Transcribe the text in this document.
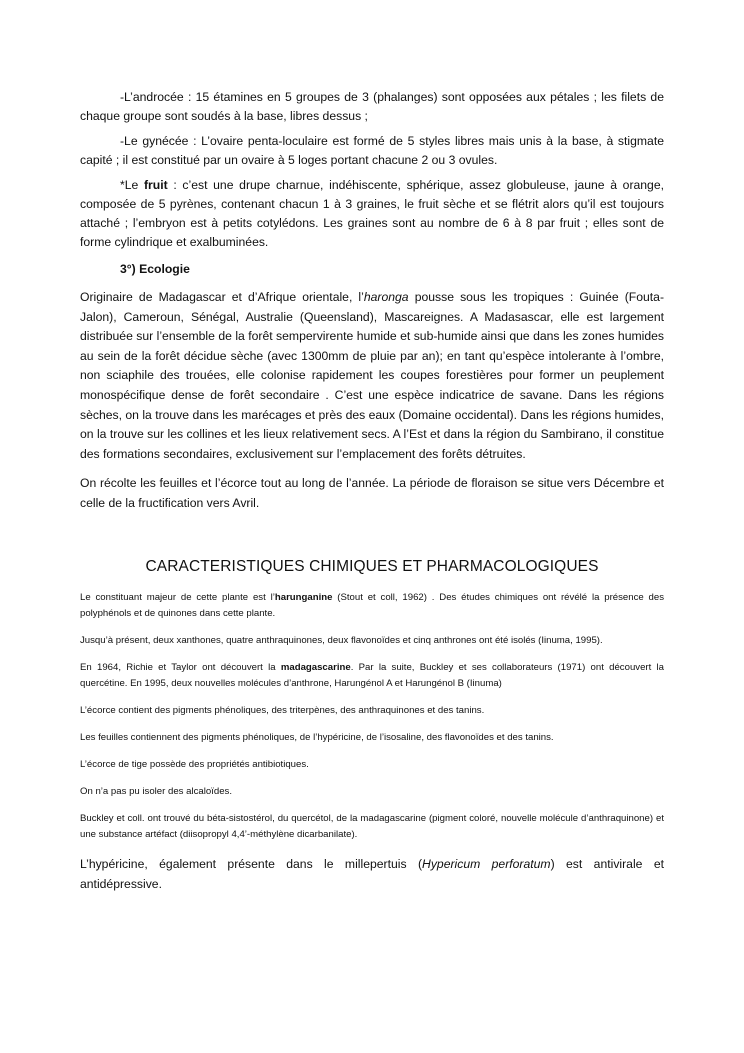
-L’androcée : 15 étamines en 5 groupes de 3 (phalanges) sont opposées aux pétales ; les filets de chaque groupe sont soudés à la base, libres dessus ;

-Le gynécée : L’ovaire penta-loculaire est formé de 5 styles libres mais unis à la base, à stigmate capité ; il est constitué par un ovaire à 5 loges portant chacune 2 ou 3 ovules.

*Le fruit : c’est une drupe charnue, indéhiscente, sphérique, assez globuleuse, jaune à orange, composée de 5 pyrènes, contenant chacun 1 à 3 graines, le fruit sèche et se flétrit alors qu’il est toujours attaché ; l’embryon est à petits cotylédons. Les graines sont au nombre de 6 à 8 par fruit ; elles sont de forme cylindrique et exalbuminées.

3°) Ecologie

Originaire de Madagascar et d’Afrique orientale, l’haronga pousse sous les tropiques : Guinée (Fouta-Jalon), Cameroun, Sénégal, Australie (Queensland), Mascareignes. A Madasascar, elle est largement distribuée sur l’ensemble de la forêt sempervirente humide et sub-humide ainsi que dans les zones humides au sein de la forêt décidue sèche (avec 1300mm de pluie par an); en tant qu’espèce intolerante à l’ombre, non sciaphile des trouées, elle colonise rapidement les coupes forestières pour former un peuplement monospécifique dense de forêt secondaire . C’est une espèce indicatrice de savane. Dans les régions sèches, on la trouve dans les marécages et près des eaux (Domaine occidental). Dans les régions humides, on la trouve sur les collines et les lieux relativement secs. A l’Est et dans la région du Sambirano, il constitue des formations secondaires, exclusivement sur l’emplacement des forêts détruites.

On récolte les feuilles et l’écorce tout au long de l’année. La période de floraison se situe vers Décembre et celle de la fructification vers Avril.

CARACTERISTIQUES CHIMIQUES ET PHARMACOLOGIQUES

Le constituant majeur de cette plante est l’harunganine (Stout et coll, 1962) . Des études chimiques ont révélé la présence des polyphénols et de quinones dans cette plante.

Jusqu’à présent, deux xanthones, quatre anthraquinones, deux flavonoïdes et cinq anthrones ont été isolés (Iinuma, 1995).

En 1964, Richie et Taylor ont découvert la madagascarine. Par la suite, Buckley et ses collaborateurs (1971) ont découvert la quercétine. En 1995, deux nouvelles molécules d’anthrone, Harungénol A et Harungénol B (Iinuma)

L’écorce contient des pigments phénoliques, des triterpènes, des anthraquinones et des tanins.

Les feuilles contiennent des pigments phénoliques, de l’hypéricine, de l’isosaline, des flavonoïdes et des tanins.

L’écorce de tige possède des propriétés antibiotiques.

On n’a pas pu isoler des alcaloïdes.

Buckley et coll. ont trouvé du béta-sistostérol, du quercétol, de la madagascarine (pigment coloré, nouvelle molécule d’anthraquinone) et une substance artéfact (diisopropyl 4,4’-méthylène dicarbanilate).

L’hypéricine, également présente dans le millepertuis (Hypericum perforatum) est antivirale et antidépressive.
